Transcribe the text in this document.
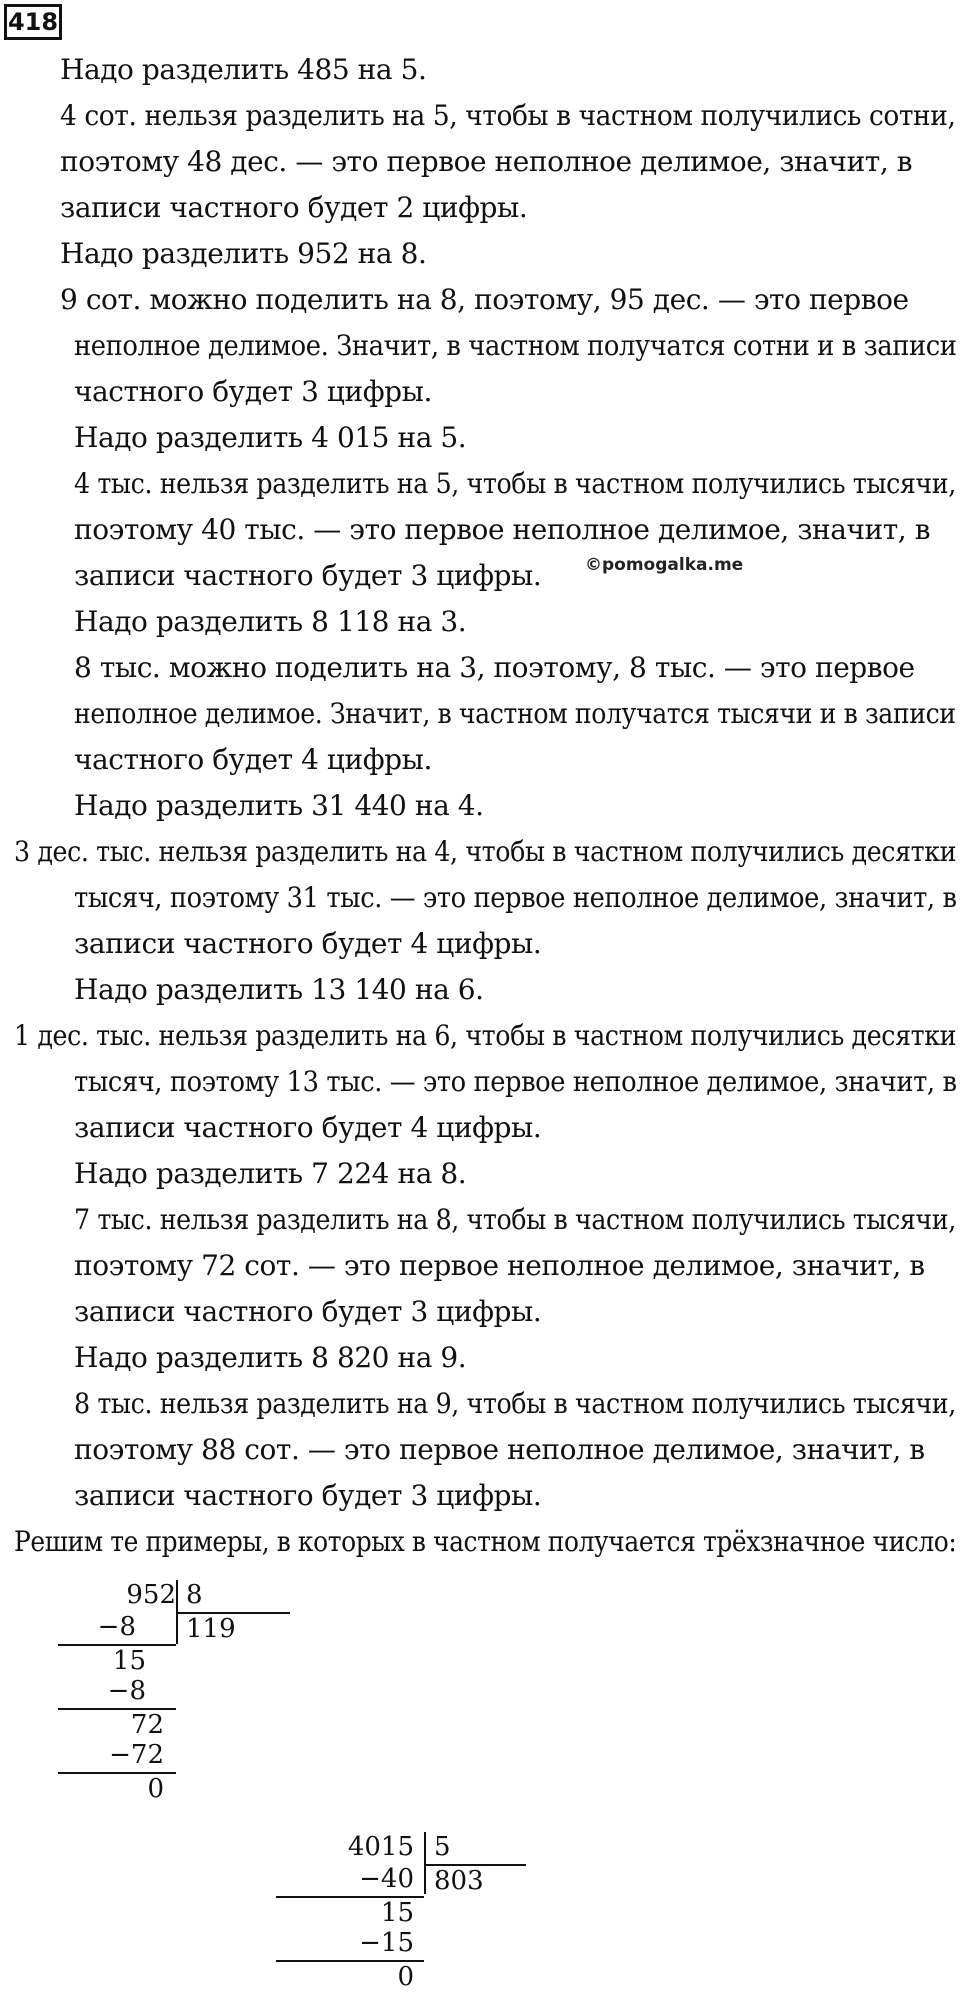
418
Надо разделить 485 на 5.
4 сот. нельзя разделить на 5, чтобы в частном получились сотни,
поэтому 48 дес. — это первое неполное делимое, значит, в
записи частного будет 2 цифры.
Надо разделить 952 на 8.
9 сот. можно поделить на 8, поэтому, 95 дес. — это первое
неполное делимое. Значит, в частном получатся сотни и в записи
частного будет 3 цифры.
Надо разделить 4 015 на 5.
4 тыс. нельзя разделить на 5, чтобы в частном получились тысячи,
поэтому 40 тыс. — это первое неполное делимое, значит, в
записи частного будет 3 цифры.
Надо разделить 8 118 на 3.
8 тыс. можно поделить на 3, поэтому, 8 тыс. — это первое
неполное делимое. Значит, в частном получатся тысячи и в записи
частного будет 4 цифры.
Надо разделить 31 440 на 4.
3 дес. тыс. нельзя разделить на 4, чтобы в частном получились десятки
тысяч, поэтому 31 тыс. — это первое неполное делимое, значит, в
записи частного будет 4 цифры.
Надо разделить 13 140 на 6.
1 дес. тыс. нельзя разделить на 6, чтобы в частном получились десятки
тысяч, поэтому 13 тыс. — это первое неполное делимое, значит, в
записи частного будет 4 цифры.
Надо разделить 7 224 на 8.
7 тыс. нельзя разделить на 8, чтобы в частном получились тысячи,
поэтому 72 сот. — это первое неполное делимое, значит, в
записи частного будет 3 цифры.
Надо разделить 8 820 на 9.
8 тыс. нельзя разделить на 9, чтобы в частном получились тысячи,
поэтому 88 сот. — это первое неполное делимое, значит, в
записи частного будет 3 цифры.
Решим те примеры, в которых в частном получается трёхзначное число:
©pomogalka.me
952 8
119
−8
15
−8
72
−72
0
4015 5
803
−40
15
−15
0
